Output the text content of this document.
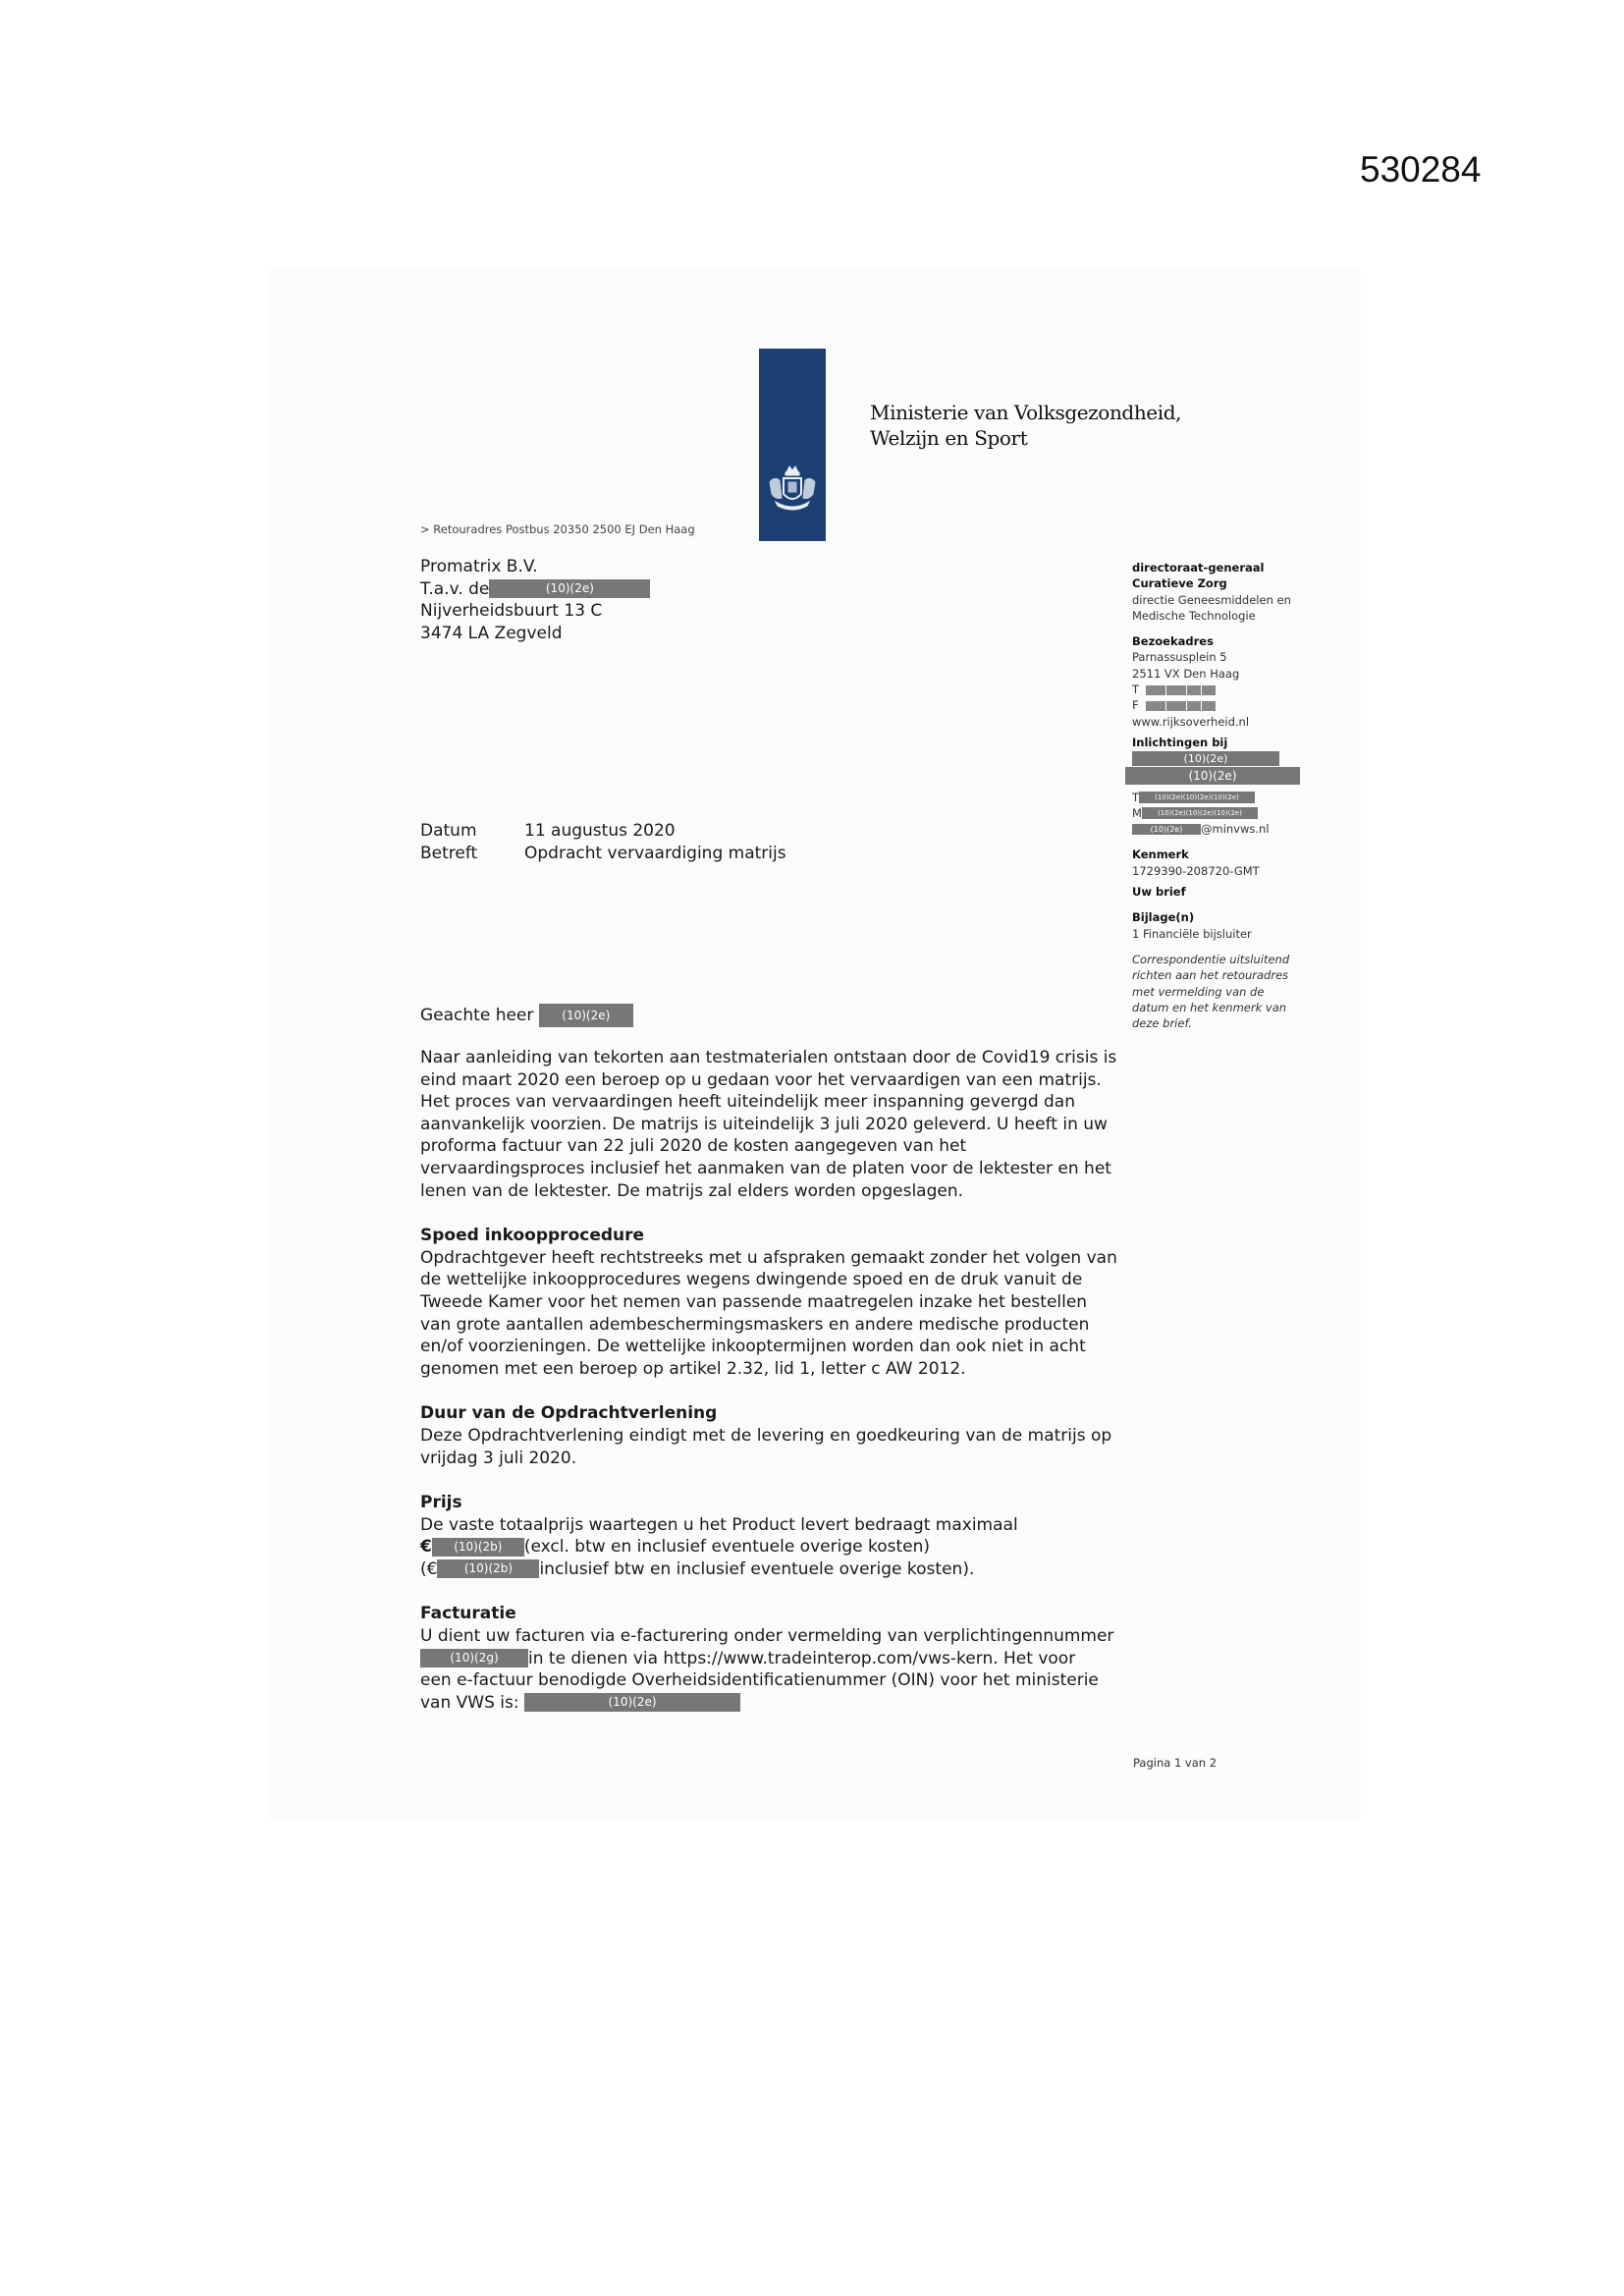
530284
Ministerie van Volksgezondheid,
Welzijn en Sport
> Retouradres Postbus 20350 2500 EJ Den Haag
Promatrix B.V.
T.a.v. de	(10)(2e)
Nijverheidsbuurt 13 C
3474 LA Zegveld
directoraat-generaal
Curatieve Zorg
directie Geneesmiddelen en
Medische Technologie
Bezoekadres
Parnassusplein 5
2511 VX Den Haag
T
F
www.rijksoverheid.nl
Inlichtingen bij
(10)(2e)
(10)(2e)
T (10)(2e)(10)(2e)(10)(2e)
M (10)(2e)(10)(2e)(10)(2e)
(10)(2e) @minvws.nl
Kenmerk
1729390-208720-GMT
Uw brief
Bijlage(n)
1 Financiële bijsluiter
Correspondentie uitsluitend
richten aan het retouradres
met vermelding van de
datum en het kenmerk van
deze brief.
Datum	11 augustus 2020
Betreft	Opdracht vervaardiging matrijs
Geachte heer (10)(2e)

Naar aanleiding van tekorten aan testmaterialen ontstaan door de Covid19 crisis is

eind maart 2020 een beroep op u gedaan voor het vervaardigen van een matrijs.

Het proces van vervaardingen heeft uiteindelijk meer inspanning gevergd dan

aanvankelijk voorzien. De matrijs is uiteindelijk 3 juli 2020 geleverd. U heeft in uw

proforma factuur van 22 juli 2020 de kosten aangegeven van het

vervaardingsproces inclusief het aanmaken van de platen voor de lektester en het

lenen van de lektester. De matrijs zal elders worden opgeslagen.

Spoed inkoopprocedure

Opdrachtgever heeft rechtstreeks met u afspraken gemaakt zonder het volgen van

de wettelijke inkoopprocedures wegens dwingende spoed en de druk vanuit de

Tweede Kamer voor het nemen van passende maatregelen inzake het bestellen

van grote aantallen adembeschermingsmaskers en andere medische producten

en/of voorzieningen. De wettelijke inkooptermijnen worden dan ook niet in acht

genomen met een beroep op artikel 2.32, lid 1, letter c AW 2012.

Duur van de Opdrachtverlening

Deze Opdrachtverlening eindigt met de levering en goedkeuring van de matrijs op

vrijdag 3 juli 2020.

Prijs

De vaste totaalprijs waartegen u het Product levert bedraagt maximaal

€ (10)(2b) (excl. btw en inclusief eventuele overige kosten)

(€ (10)(2b) inclusief btw en inclusief eventuele overige kosten).

Facturatie

U dient uw facturen via e-facturering onder vermelding van verplichtingennummer

(10)(2g) in te dienen via https://www.tradeinterop.com/vws-kern. Het voor

een e-factuur benodigde Overheidsidentificatienummer (OIN) voor het ministerie

van VWS is:	(10)(2e)

Pagina 1 van 2
